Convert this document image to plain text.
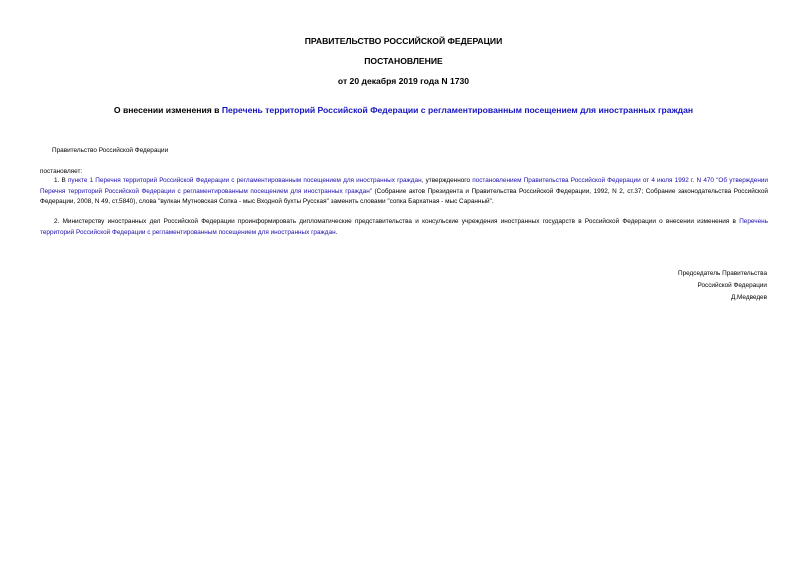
ПРАВИТЕЛЬСТВО РОССИЙСКОЙ ФЕДЕРАЦИИ
ПОСТАНОВЛЕНИЕ
от 20 декабря 2019 года N 1730
О внесении изменения в Перечень территорий Российской Федерации с регламентированным посещением для иностранных граждан
Правительство Российской Федерации
постановляет:

1. В пункте 1 Перечня территорий Российской Федерации с регламентированным посещением для иностранных граждан, утвержденного постановлением Правительства Российской Федерации от 4 июля 1992 г. N 470 "Об утверждении Перечня территорий Российской Федерации с регламентированным посещением для иностранных граждан" (Собрание актов Президента и Правительства Российской Федерации, 1992, N 2, ст.37; Собрание законодательства Российской Федерации, 2008, N 49, ст.5840), слова "вулкан Мутновская Сопка - мыс Входной бухты Русская" заменить словами "сопка Бархатная - мыс Саранный".

2. Министерству иностранных дел Российской Федерации проинформировать дипломатические представительства и консульские учреждения иностранных государств в Российской Федерации о внесении изменения в Перечень территорий Российской Федерации с регламентированным посещением для иностранных граждан.

Председатель Правительства
Российской Федерации
Д.Медведев
